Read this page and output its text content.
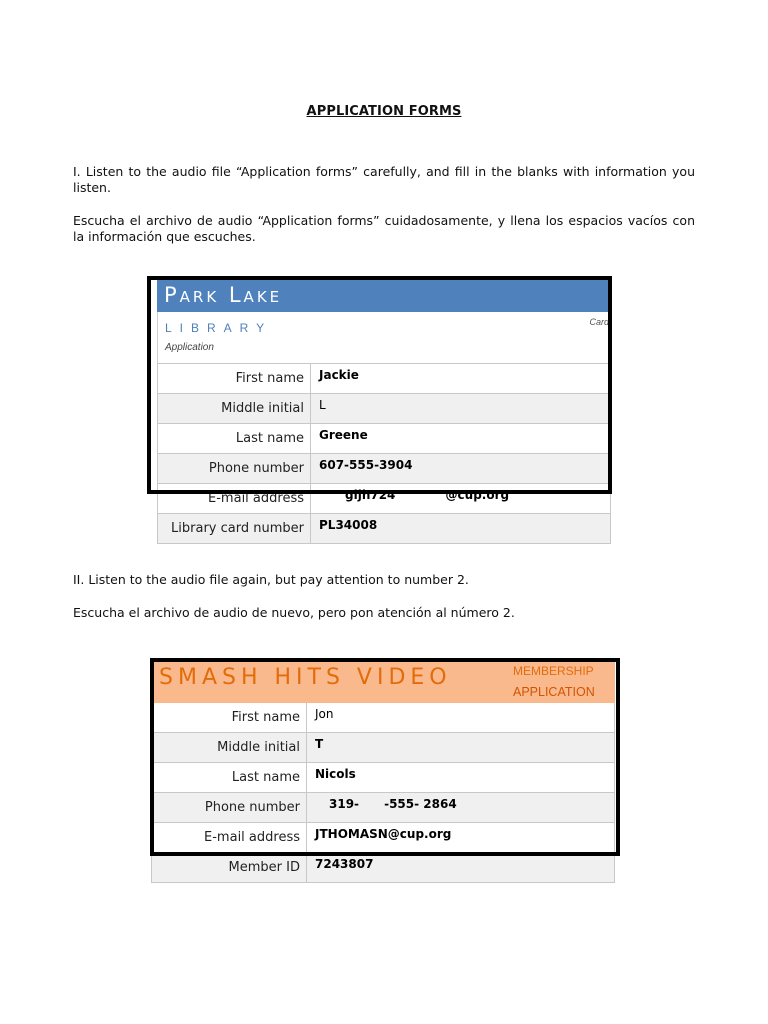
APPLICATION FORMS

I. Listen to the audio file “Application forms” carefully, and fill in the blanks with information you listen.

Escucha el archivo de audio “Application forms” cuidadosamente, y llena los espacios vacíos con la información que escuches.

Park Lake
LIBRARY
Application
Card
First name	Jackie
Middle initial	L
Last name	Greene
Phone number	607-555-3904
E-mail address	gljh724            @cup.org
Library card number	PL34008

II. Listen to the audio file again, but pay attention to number 2.

Escucha el archivo de audio de nuevo, pero pon atención al número 2.

SMASH HITS VIDEO	MEMBERSHIP
APPLICATION
First name	Jon
Middle initial	T
Last name	Nicols
Phone number	319-      -555- 2864
E-mail address	JTHOMASN@cup.org
Member ID	7243807
